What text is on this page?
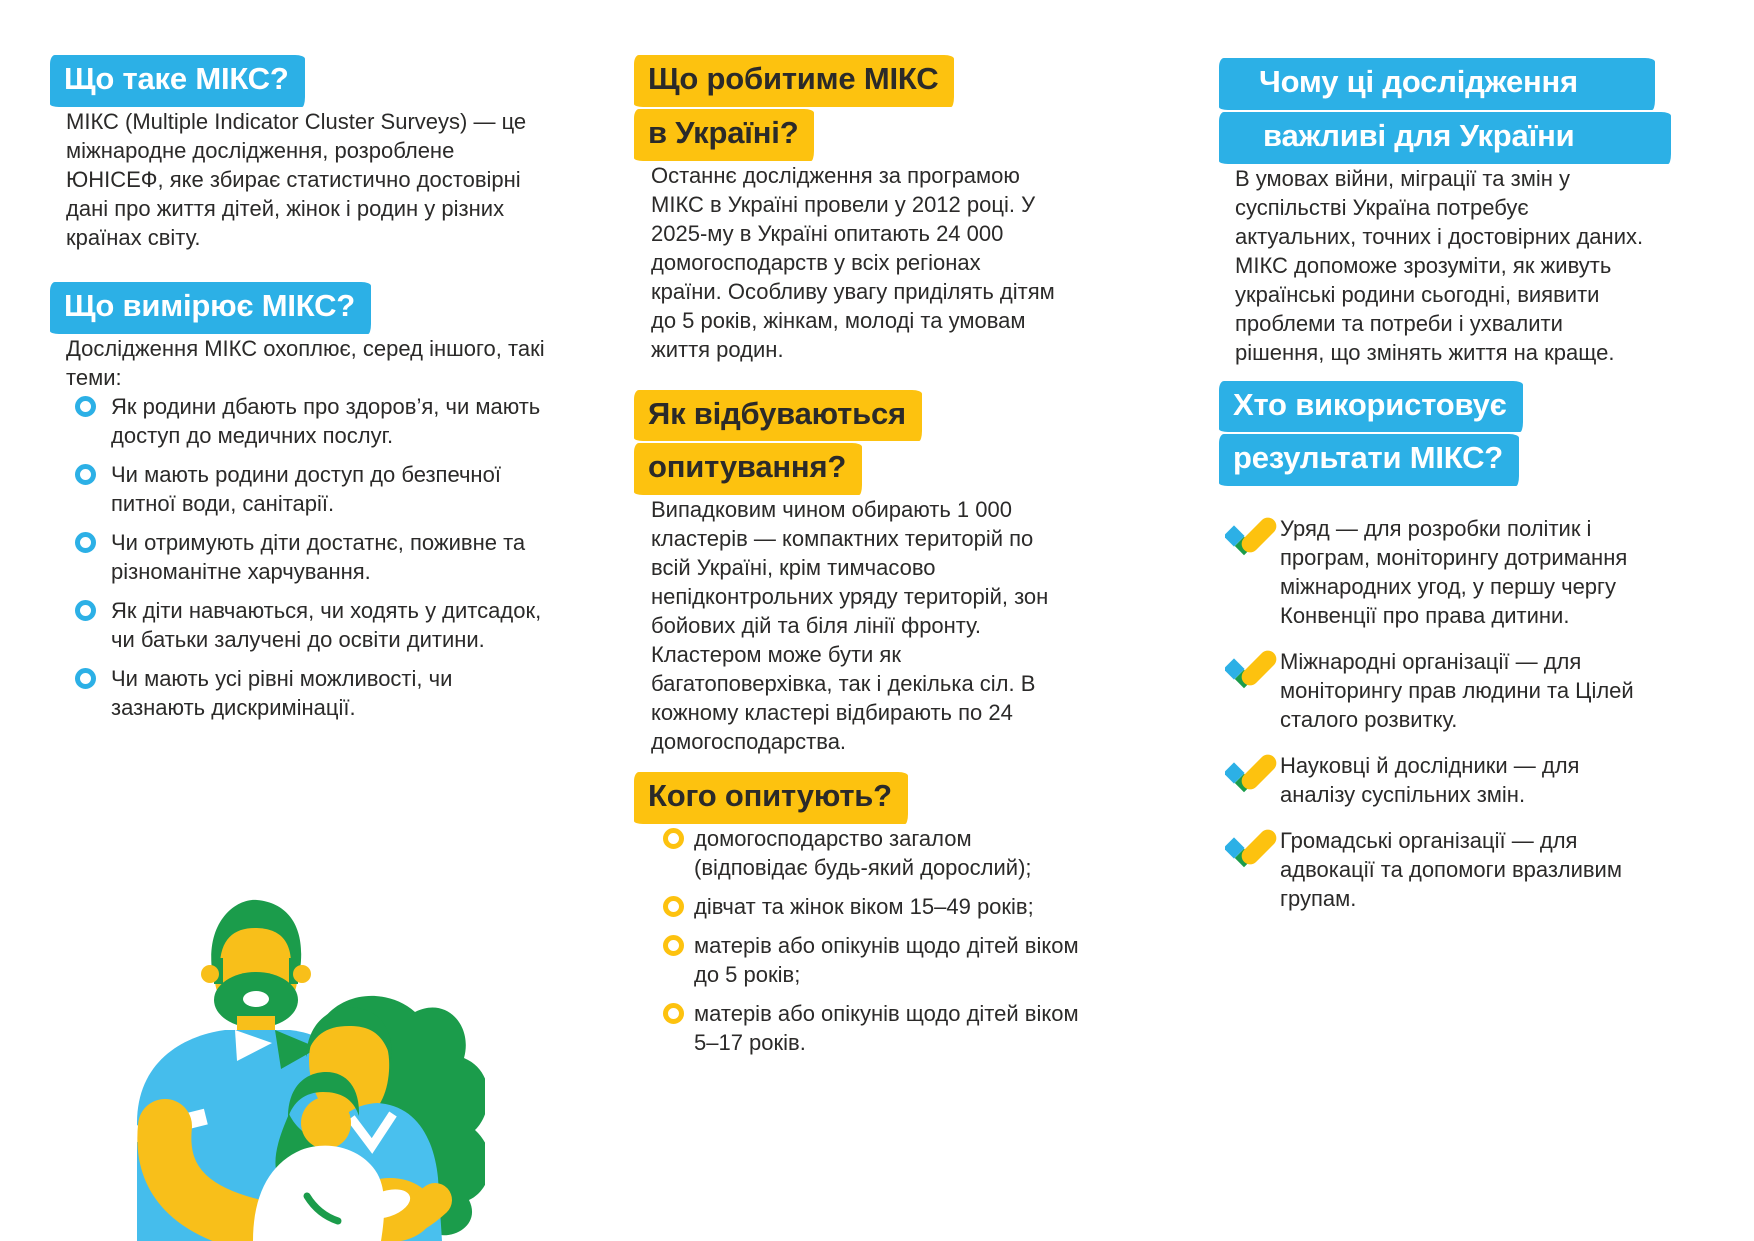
Що таке МІКС?

МІКС (Multiple Indicator Cluster Surveys) — це міжнародне дослідження, розроблене ЮНІСЕФ, яке збирає статистично достовірні дані про життя дітей, жінок і родин у різних країнах світу.

Що вимірює МІКС?

Дослідження МІКС охоплює, серед іншого, такі теми:

Як родини дбають про здоров’я, чи мають доступ до медичних послуг.
Чи мають родини доступ до безпечної питної води, санітарії.
Чи отримують діти достатнє, поживне та різноманітне харчування.
Як діти навчаються, чи ходять у дитсадок, чи батьки залучені до освіти дитини.
Чи мають усі рівні можливості, чи зазнають дискримінації.
Що робитиме МІКС
в Україні?

Останнє дослідження за програмою МІКС в Україні провели у 2012 році. У 2025-му в Україні опитають 24 000 домогосподарств у всіх регіонах країни. Особливу увагу приділять дітям до 5 років, жінкам, молоді та умовам життя родин.

Як відбуваються
опитування?

Випадковим чином обирають 1 000 кластерів — компактних територій по всій Україні, крім тимчасово непідконтрольних уряду територій, зон бойових дій та біля лінії фронту. Кластером може бути як багатоповерхівка, так і декілька сіл. В кожному кластері відбирають по 24 домогосподарства.

Кого опитують?
домогосподарство загалом (відповідає будь-який дорослий);
дівчат та жінок віком 15–49 років;
матерів або опікунів щодо дітей віком до 5 років;
матерів або опікунів щодо дітей віком 5–17 років.
Чому ці дослідження
важливі для України

В умовах війни, міграції та змін у суспільстві Україна потребує актуальних, точних і достовірних даних.

МІКС допоможе зрозуміти, як живуть українські родини сьогодні, виявити проблеми та потреби і ухвалити рішення, що змінять життя на краще.

Хто використовує
результати МІКС?
Уряд — для розробки політик і програм, моніторингу дотримання міжнародних угод, у першу чергу Конвенції про права дитини.
Міжнародні організації — для моніторингу прав людини та Цілей сталого розвитку.
Науковці й дослідники — для аналізу суспільних змін.
Громадські організації — для адвокації та допомоги вразливим групам.
